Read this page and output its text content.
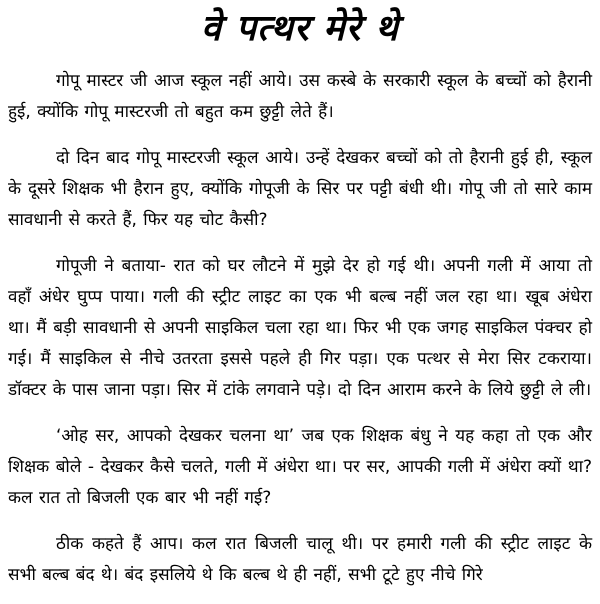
वे पत्थर मेरे थे

गोपू मास्टर जी आज स्कूल नहीं आये। उस कस्बे के सरकारी स्कूल के बच्चों को हैरानी हुई, क्योंकि गोपू मास्टरजी तो बहुत कम छुट्टी लेते हैं।

दो दिन बाद गोपू मास्टरजी स्कूल आये। उन्हें देखकर बच्चों को तो हैरानी हुई ही, स्कूल के दूसरे शिक्षक भी हैरान हुए, क्योंकि गोपूजी के सिर पर पट्टी बंधी थी। गोपू जी तो सारे काम सावधानी से करते हैं, फिर यह चोट कैसी?

गोपूजी ने बताया- रात को घर लौटने में मुझे देर हो गई थी। अपनी गली में आया तो वहाँ अंधेर घुप्प पाया। गली की स्ट्रीट लाइट का एक भी बल्ब नहीं जल रहा था। खूब अंधेरा था। मैं बड़ी सावधानी से अपनी साइकिल चला रहा था। फिर भी एक जगह साइकिल पंक्चर हो गई। मैं साइकिल से नीचे उतरता इससे पहले ही गिर पड़ा। एक पत्थर से मेरा सिर टकराया। डॉक्टर के पास जाना पड़ा। सिर में टांके लगवाने पड़े। दो दिन आराम करने के लिये छुट्टी ले ली।

‘ओह सर, आपको देखकर चलना था’ जब एक शिक्षक बंधु ने यह कहा तो एक और शिक्षक बोले - देखकर कैसे चलते, गली में अंधेरा था। पर सर, आपकी गली में अंधेरा क्यों था? कल रात तो बिजली एक बार भी नहीं गई?

ठीक कहते हैं आप। कल रात बिजली चालू थी। पर हमारी गली की स्ट्रीट लाइट के सभी बल्ब बंद थे। बंद इसलिये थे कि बल्ब थे ही नहीं, सभी टूटे हुए नीचे गिरे
